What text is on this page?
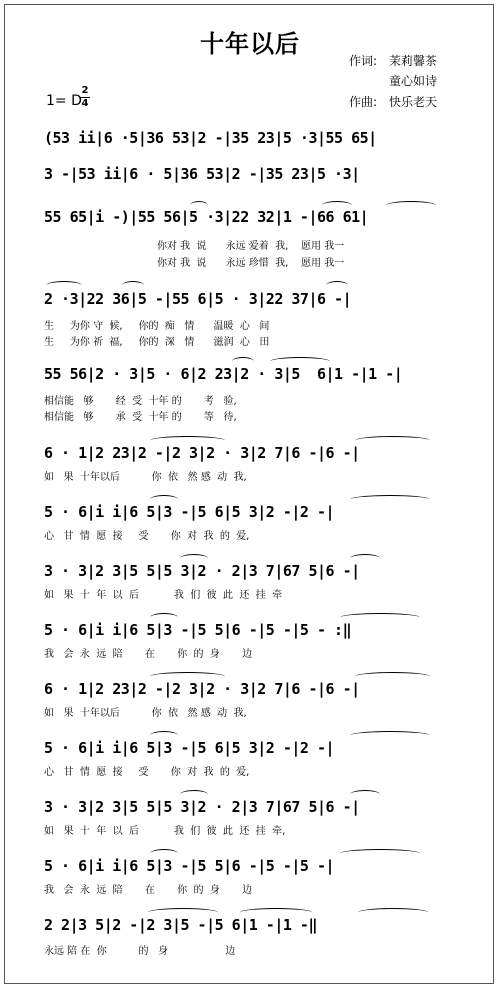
十年以后
作词: 茉莉馨茶
童心如诗
作曲: 快乐老天
1= D
2
4
(53 ii|6 ·5|36 53|2 -|35 23|5 ·3|55 65|
3 -|53 ii|6 · 5|36 53|2 -|35 23|5 ·3|
55 65|i -)|55 56|5 ·3|22 32|1 -|66 61|
你对 我  说      永远 爱着  我,    愿用 我一
你对 我  说      永远 珍惜  我,    愿用 我一
2 ·3|22 36|5 -|55 6|5 · 3|22 37|6 -|
生     为你 守  候,     你的  痴   情      温暖  心   间
生     为你 祈  福,     你的  深   情      滋润  心   田
55 56|2 · 3|5 · 6|2 23|2 · 3|5  6|1 -|1 -|
相信能   够       经  受  十年 的       考   验,
相信能   够       承  受  十年 的       等   待,
6 · 1|2 23|2 -|2 3|2 · 3|2 7|6 -|6 -|
如   果  十年以后          你  依   然 感  动  我,
5 · 6|i i|6 5|3 -|5 6|5 3|2 -|2 -|
心   甘  情  愿  接     受       你  对  我  的  爱,
3 · 3|2 3|5 5|5 3|2 · 2|3 7|67 5|6 -|
如   果  十  年  以  后           我  们  彼  此  还  挂  牵
5 · 6|i i|6 5|3 -|5 5|6 -|5 -|5 - :‖
我   会  永  远  陪       在       你  的  身       边
6 · 1|2 23|2 -|2 3|2 · 3|2 7|6 -|6 -|
如   果  十年以后          你  依   然 感  动  我,
5 · 6|i i|6 5|3 -|5 6|5 3|2 -|2 -|
心   甘  情  愿  接     受       你  对  我  的  爱,
3 · 3|2 3|5 5|5 3|2 · 2|3 7|67 5|6 -|
如   果  十  年  以  后           我  们  彼  此  还  挂  牵,
5 · 6|i i|6 5|3 -|5 5|6 -|5 -|5 -|
我   会  永  远  陪       在       你  的  身       边
2 2|3 5|2 -|2 3|5 -|5 6|1 -|1 -‖
永远 陪 在  你          的   身                  边
